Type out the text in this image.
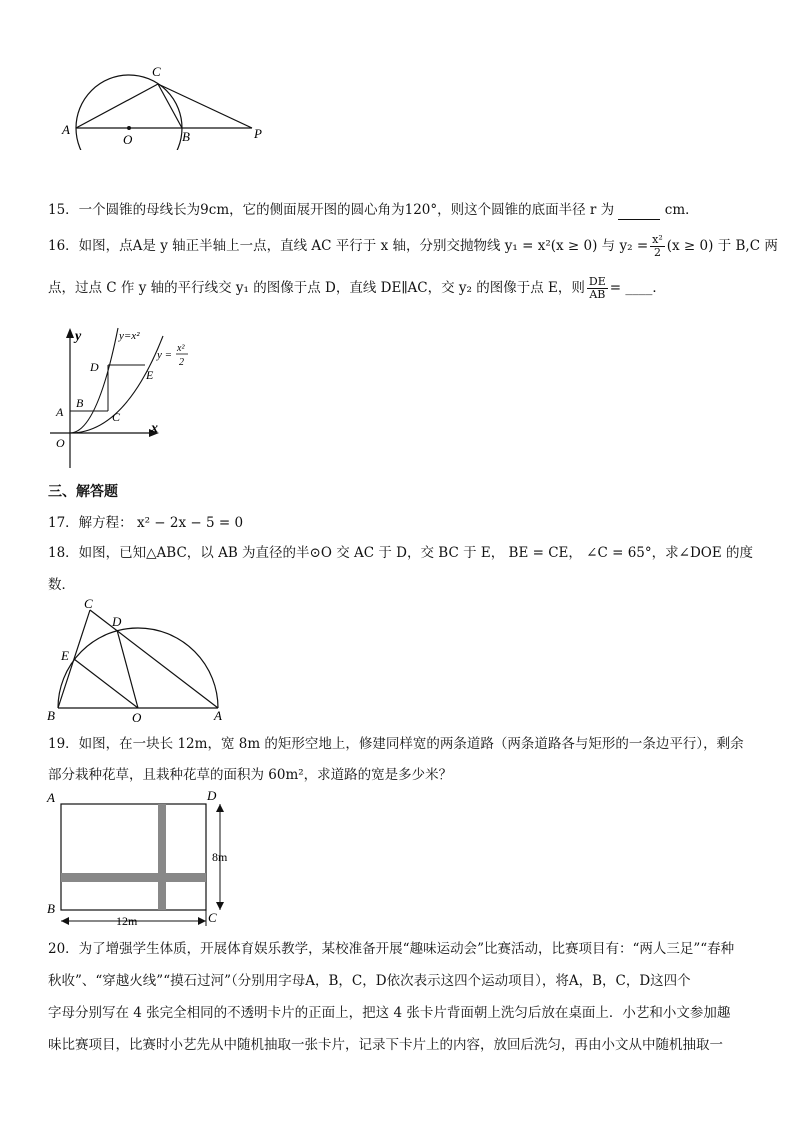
A
O	B
C
P
15．一个圆锥的母线长为9cm，它的侧面展开图的圆心角为120°，则这个圆锥的底面半径 r 为	cm．
16．如图，点A是 y 轴正半轴上一点，直线 AC 平行于 x 轴，分别交抛物线 y₁ = x²(x ≥ 0) 与 $y_2 = \frac{\text{x²}}{2} (x \ge 0)$ 于 B,C 两
点，过点 C 作 y 轴的平行线交 y₁ 的图像于点 D，直线 DE∥AC，交 y₂ 的图像于点 E，则 $\frac{DE}{AB}$ = ____．
y
x
O
A
B
C
D
E
y=x²
y =
x²
2
三、解答题
17．解方程： x² − 2x − 5 = 0
18．如图，已知△ABC，以 AB 为直径的半⊙O 交 AC 于 D，交 BC 于 E， BE = CE， ∠C = 65°，求∠DOE 的度
数．
C
D
E
B	O	A
19．如图，在一块长 12m，宽 8m 的矩形空地上，修建同样宽的两条道路（两条道路各与矩形的一条边平行），剩余
部分栽种花草，且栽种花草的面积为 60m²，求道路的宽是多少米？
A	D
B
C
8m
12m
20．为了增强学生体质，开展体育娱乐教学，某校准备开展“趣味运动会”比赛活动，比赛项目有：“两人三足”“春种
秋收”、“穿越火线”“摸石过河”（分别用字母A，B，C，D依次表示这四个运动项目），将A，B，C，D这四个
字母分别写在 4 张完全相同的不透明卡片的正面上，把这 4 张卡片背面朝上洗匀后放在桌面上．小艺和小文参加趣
味比赛项目，比赛时小艺先从中随机抽取一张卡片，记录下卡片上的内容，放回后洗匀，再由小文从中随机抽取一
